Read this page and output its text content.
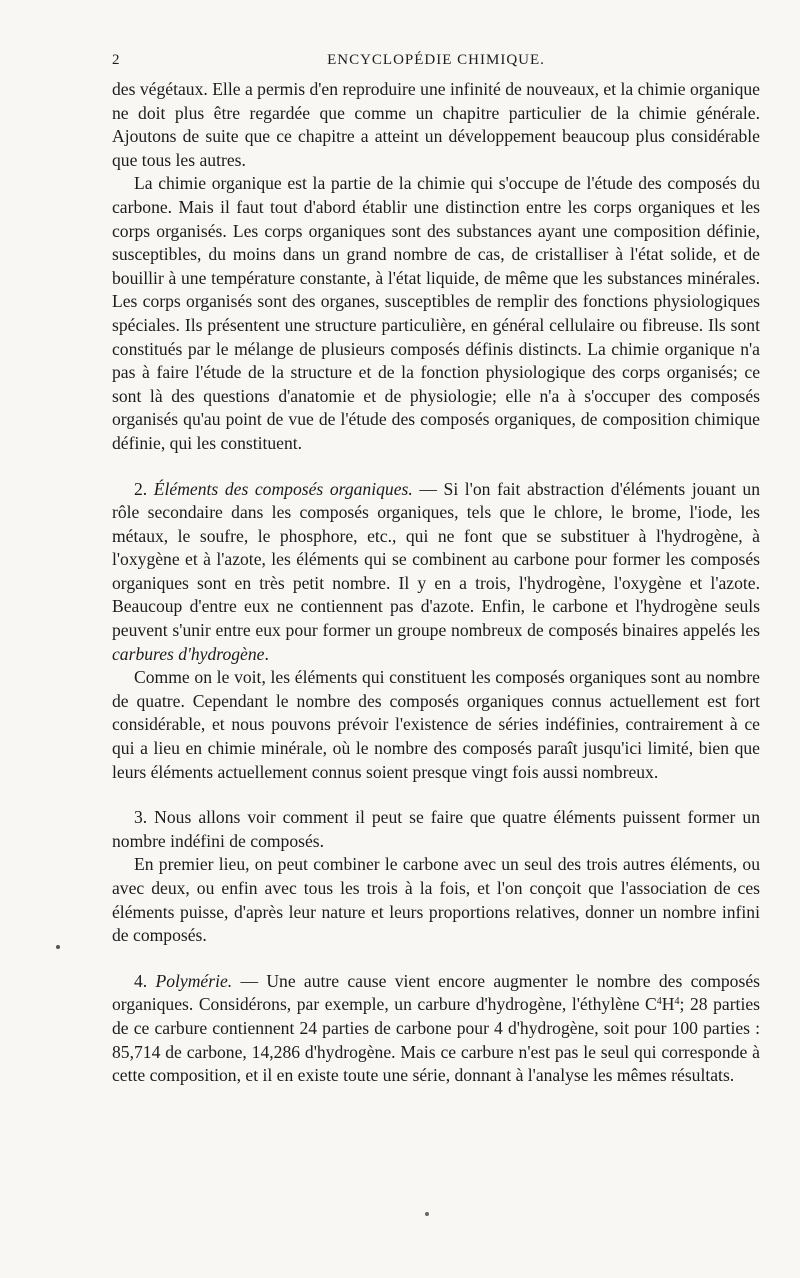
2	ENCYCLOPÉDIE CHIMIQUE.

des végétaux. Elle a permis d'en reproduire une infinité de nouveaux, et la chimie organique ne doit plus être regardée que comme un chapitre particulier de la chimie générale. Ajoutons de suite que ce chapitre a atteint un développement beaucoup plus considérable que tous les autres.

La chimie organique est la partie de la chimie qui s'occupe de l'étude des composés du carbone. Mais il faut tout d'abord établir une distinction entre les corps organiques et les corps organisés. Les corps organiques sont des substances ayant une composition définie, susceptibles, du moins dans un grand nombre de cas, de cristalliser à l'état solide, et de bouillir à une température constante, à l'état liquide, de même que les substances minérales. Les corps organisés sont des organes, susceptibles de remplir des fonctions physiologiques spéciales. Ils présentent une structure particulière, en général cellulaire ou fibreuse. Ils sont constitués par le mélange de plusieurs composés définis distincts. La chimie organique n'a pas à faire l'étude de la structure et de la fonction physiologique des corps organisés; ce sont là des questions d'anatomie et de physiologie; elle n'a à s'occuper des composés organisés qu'au point de vue de l'étude des composés organiques, de composition chimique définie, qui les constituent.

2. Éléments des composés organiques. — Si l'on fait abstraction d'éléments jouant un rôle secondaire dans les composés organiques, tels que le chlore, le brome, l'iode, les métaux, le soufre, le phosphore, etc., qui ne font que se substituer à l'hydrogène, à l'oxygène et à l'azote, les éléments qui se combinent au carbone pour former les composés organiques sont en très petit nombre. Il y en a trois, l'hydrogène, l'oxygène et l'azote. Beaucoup d'entre eux ne contiennent pas d'azote. Enfin, le carbone et l'hydrogène seuls peuvent s'unir entre eux pour former un groupe nombreux de composés binaires appelés les carbures d'hydrogène.

Comme on le voit, les éléments qui constituent les composés organiques sont au nombre de quatre. Cependant le nombre des composés organiques connus actuellement est fort considérable, et nous pouvons prévoir l'existence de séries indéfinies, contrairement à ce qui a lieu en chimie minérale, où le nombre des composés paraît jusqu'ici limité, bien que leurs éléments actuellement connus soient presque vingt fois aussi nombreux.

3. Nous allons voir comment il peut se faire que quatre éléments puissent former un nombre indéfini de composés.

En premier lieu, on peut combiner le carbone avec un seul des trois autres éléments, ou avec deux, ou enfin avec tous les trois à la fois, et l'on conçoit que l'association de ces éléments puisse, d'après leur nature et leurs proportions relatives, donner un nombre infini de composés.

4. Polymérie. — Une autre cause vient encore augmenter le nombre des composés organiques. Considérons, par exemple, un carbure d'hydrogène, l'éthylène $C^4H^4$; 28 parties de ce carbure contiennent 24 parties de carbone pour 4 d'hydrogène, soit pour 100 parties : 85,714 de carbone, 14,286 d'hydrogène. Mais ce carbure n'est pas le seul qui corresponde à cette composition, et il en existe toute une série, donnant à l'analyse les mêmes résultats.
